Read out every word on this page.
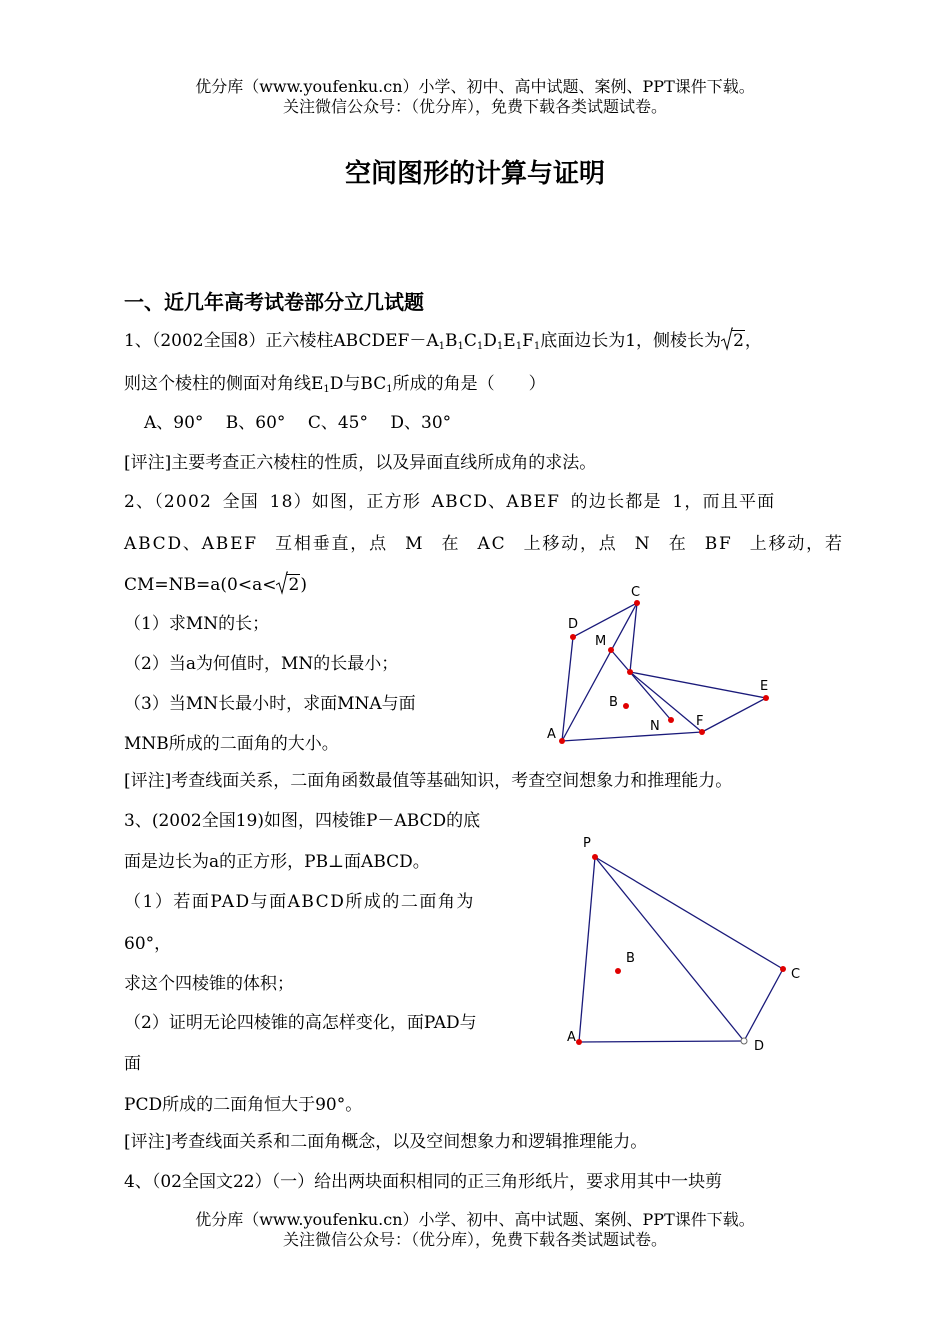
优分库（www.youfenku.cn）小学、初中、高中试题、案例、PPT课件下载。
关注微信公众号：（优分库），免费下载各类试题试卷。
空间图形的计算与证明
一、近几年高考试卷部分立几试题
1、（2002全国8）正六棱柱$ABCDEF-A_1B_1C_1D_1E_1F_1$底面边长为1，侧棱长为 2，
则这个棱柱的侧面对角线$E_1D$与$BC_1$所成的角是（　　）
A、90°　 B、60°　 C、45°　 D、30°
[评注]主要考查正六棱柱的性质，以及异面直线所成角的求法。
2、（2002 全国 18）如图，正方形 ABCD、ABEF 的边长都是 1，而且平面
ABCD、ABEF 互相垂直，点 M 在 AC 上移动，点 N 在 BF 上移动，若
CM=NB=a(0<a< 2)
（1）求MN的长；
（2）当a为何值时，MN的长最小；
（3）当MN长最小时，求面MNA与面
MNB所成的二面角的大小。
[评注]考查线面关系，二面角函数最值等基础知识，考查空间想象力和推理能力。
C
D
M
E
B
N	F
A
3、(2002全国19)如图，四棱锥P－ABCD的底
面是边长为a的正方形，PB⊥面ABCD。
（1）若面PAD与面ABCD所成的二面角为
60°，
求这个四棱锥的体积；
（2）证明无论四棱锥的高怎样变化，面PAD与
面
PCD所成的二面角恒大于90°。
[评注]考查线面关系和二面角概念，以及空间想象力和逻辑推理能力。
P
B
C
A
D
4、（02全国文22）（一）给出两块面积相同的正三角形纸片，要求用其中一块剪
优分库（www.youfenku.cn）小学、初中、高中试题、案例、PPT课件下载。
关注微信公众号：（优分库），免费下载各类试题试卷。
